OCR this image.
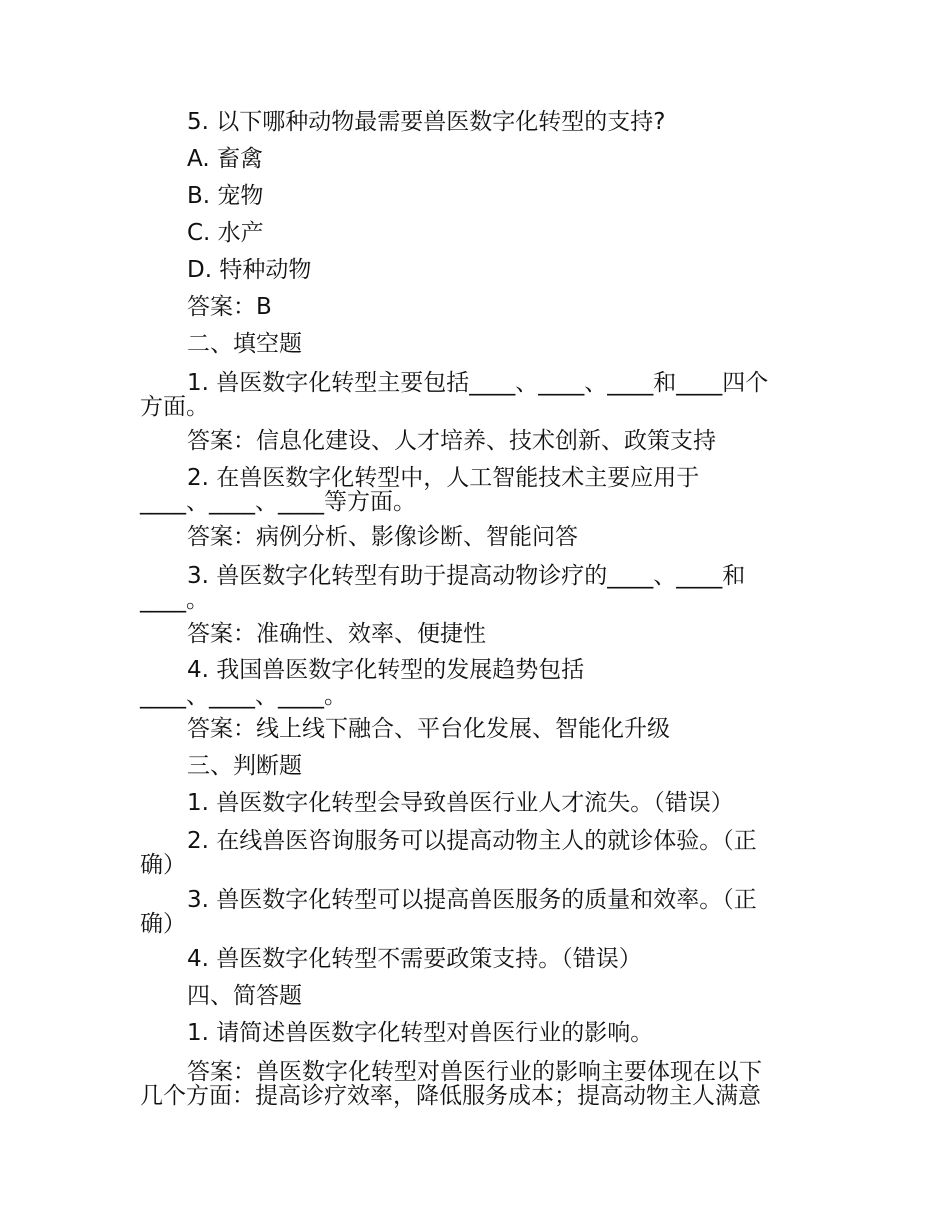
5. 以下哪种动物最需要兽医数字化转型的支持?
A. 畜禽
B. 宠物
C. 水产
D. 特种动物
答案：B
二、填空题
1. 兽医数字化转型主要包括____、____、____和____四个
方面。
答案：信息化建设、人才培养、技术创新、政策支持
2. 在兽医数字化转型中，人工智能技术主要应用于
____、____、____等方面。
答案：病例分析、影像诊断、智能问答
3. 兽医数字化转型有助于提高动物诊疗的____、____和
____。
答案：准确性、效率、便捷性
4. 我国兽医数字化转型的发展趋势包括
____、____、____。
答案：线上线下融合、平台化发展、智能化升级
三、判断题
1. 兽医数字化转型会导致兽医行业人才流失。（错误）
2. 在线兽医咨询服务可以提高动物主人的就诊体验。（正
确）
3. 兽医数字化转型可以提高兽医服务的质量和效率。（正
确）
4. 兽医数字化转型不需要政策支持。（错误）
四、简答题
1. 请简述兽医数字化转型对兽医行业的影响。
答案：兽医数字化转型对兽医行业的影响主要体现在以下
几个方面：提高诊疗效率，降低服务成本；提高动物主人满意
